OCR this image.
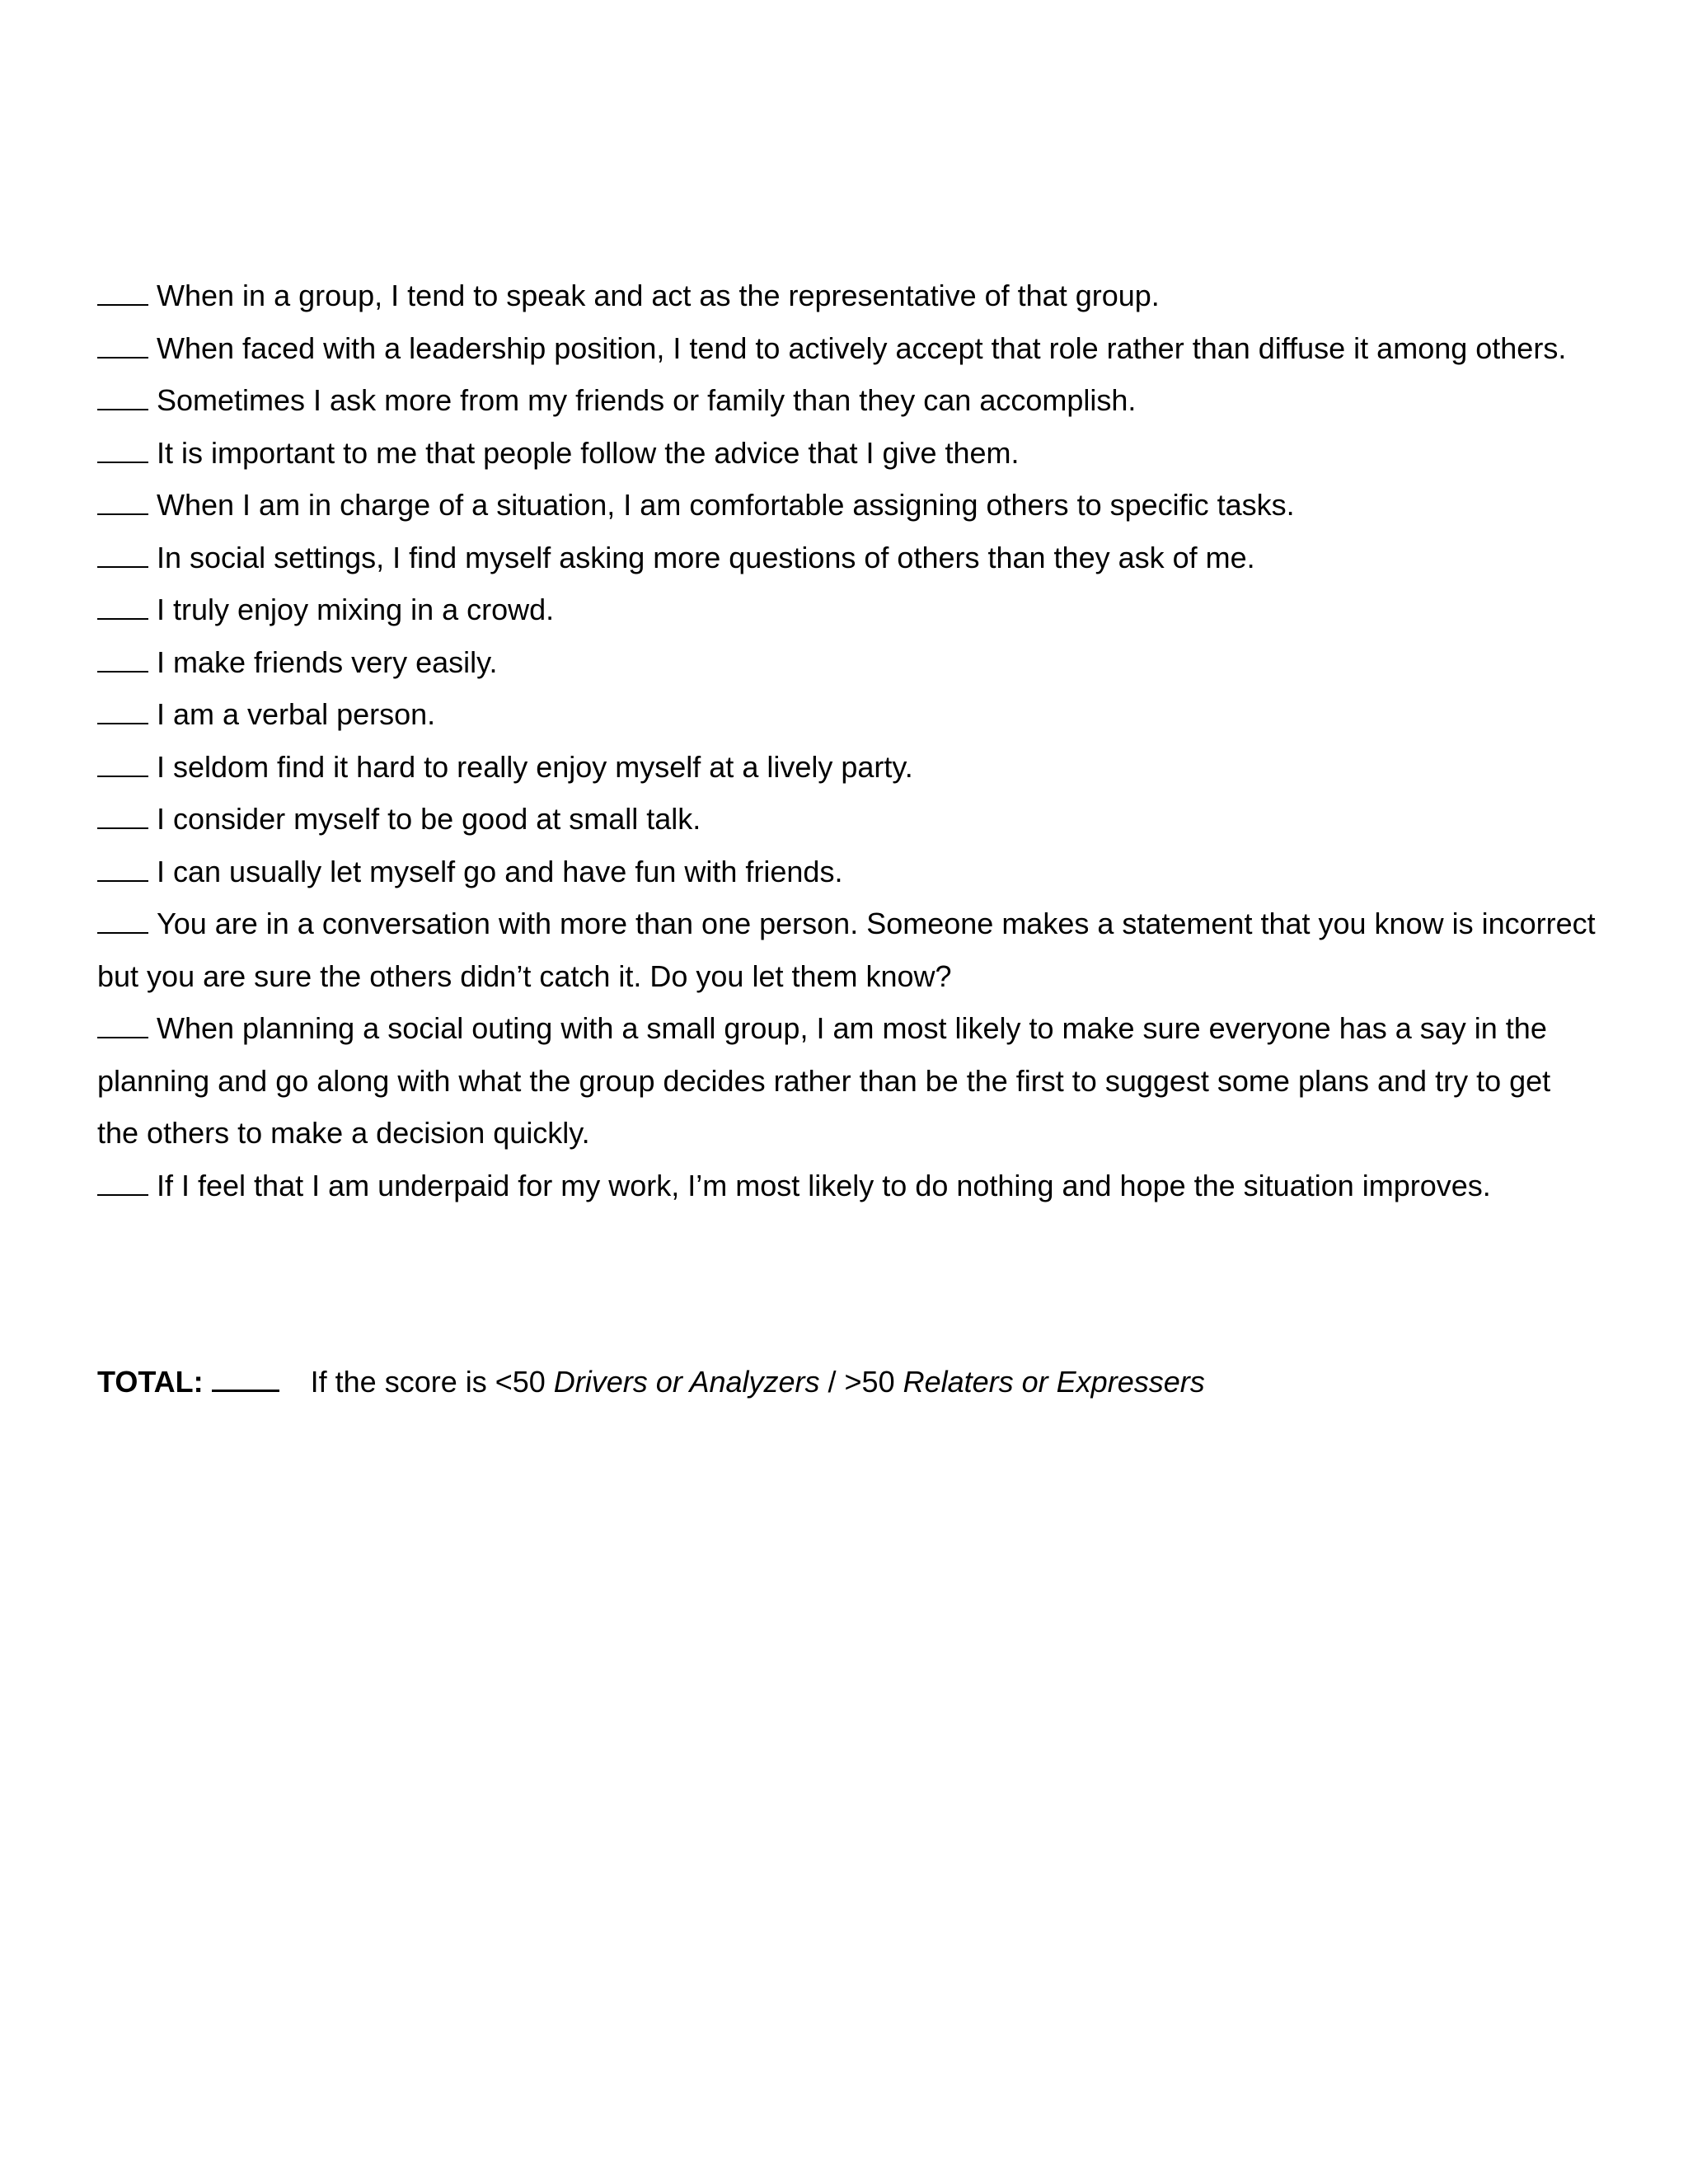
When in a group, I tend to speak and act as the representative of that group.
When faced with a leadership position, I tend to actively accept that role rather than diffuse it among others.
Sometimes I ask more from my friends or family than they can accomplish.
It is important to me that people follow the advice that I give them.
When I am in charge of a situation, I am comfortable assigning others to specific tasks.
In social settings, I find myself asking more questions of others than they ask of me.
I truly enjoy mixing in a crowd.
I make friends very easily.
I am a verbal person.
I seldom find it hard to really enjoy myself at a lively party.
I consider myself to be good at small talk.
I can usually let myself go and have fun with friends.
You are in a conversation with more than one person. Someone makes a statement that you know is incorrect but you are sure the others didn’t catch it. Do you let them know?
When planning a social outing with a small group, I am most likely to make sure everyone has a say in the planning and go along with what the group decides rather than be the first to suggest some plans and try to get the others to make a decision quickly.
If I feel that I am underpaid for my work, I’m most likely to do nothing and hope the situation improves.
TOTAL:	If the score is <50 Drivers or Analyzers / >50 Relaters or Expressers
